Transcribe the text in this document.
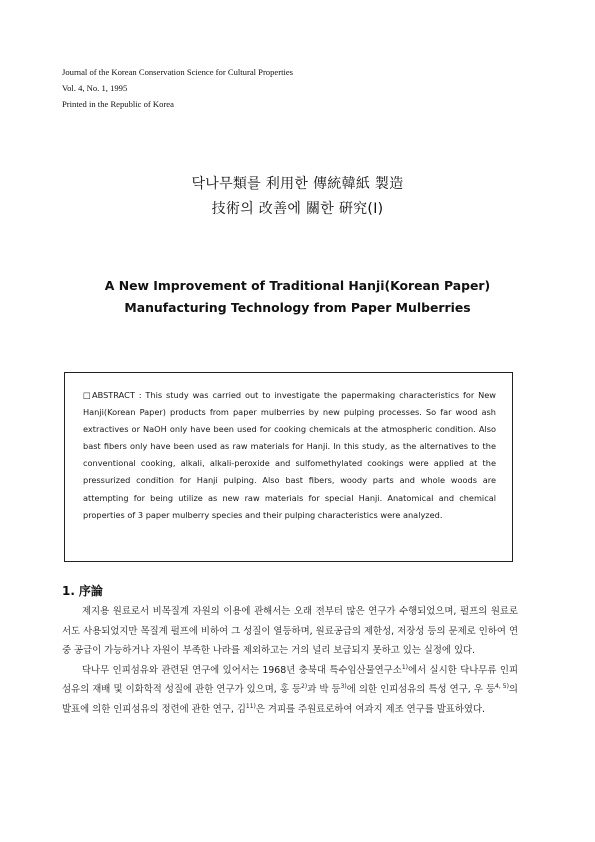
Journal of the Korean Conservation Science for Cultural Properties
Vol. 4, No. 1, 1995
Printed in the Republic of Korea
닥나무類를 利用한 傳統韓紙 製造
技術의 改善에 關한 硏究(Ⅰ)
A New Improvement of Traditional Hanji(Korean Paper)
Manufacturing Technology from Paper Mulberries

□ABSTRACT : This study was carried out to investigate the papermaking characteristics for New Hanji(Korean Paper) products from paper mulberries by new pulping processes. So far wood ash extractives or NaOH only have been used for cooking chemicals at the atmospheric condition. Also bast fibers only have been used as raw materials for Hanji. In this study, as the alternatives to the conventional cooking, alkali, alkali-peroxide and sulfomethylated cookings were applied at the pressurized condition for Hanji pulping. Also bast fibers, woody parts and whole woods are attempting for being utilize as new raw materials for special Hanji. Anatomical and chemical properties of 3 paper mulberry species and their pulping characteristics were analyzed.

1. 序論

제지용 원료로서 비목질계 자원의 이용에 관해서는 오래 전부터 많은 연구가 수행되었으며, 펄프의 원료로서도 사용되었지만 목질계 펄프에 비하여 그 성질이 열등하며, 원료공급의 제한성, 저장성 등의 문제로 인하여 연중 공급이 가능하거나 자원이 부족한 나라를 제외하고는 거의 널리 보급되지 못하고 있는 실정에 있다.

닥나무 인피섬유와 관련된 연구에 있어서는 1968년 충북대 특수임산물연구소$^{1)}$에서 실시한 닥나무류 인피섬유의 재배 및 이화학적 성질에 관한 연구가 있으며, 홍 등$^{2)}$과 박 등$^{3)}$에 의한 인피섬유의 특성 연구, 우 등$^{4, 5)}$의 발표에 의한 인피섬유의 정련에 관한 연구, 김$^{11)}$은 겨피를 주원료로하여 여과지 제조 연구를 발표하였다.
